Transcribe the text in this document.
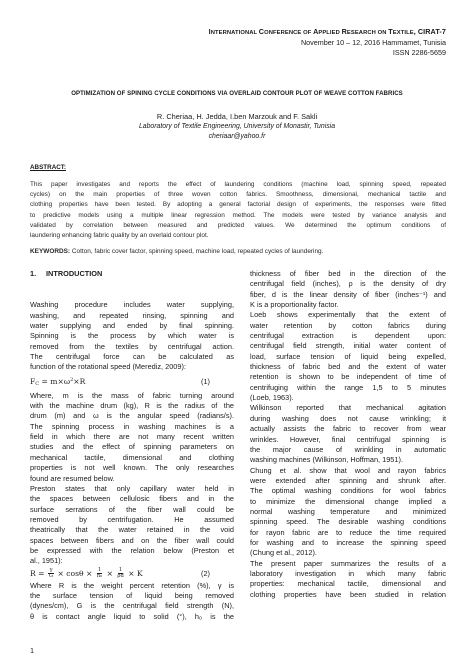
INTERNATIONAL CONFERENCE OF APPLIED RESEARCH ON TEXTILE, CIRAT-7
November 10 – 12, 2016 Hammamet, Tunisia
ISSN 2286-5659
OPTIMIZATION OF SPINING CYCLE CONDITIONS VIA OVERLAID CONTOUR PLOT OF WEAVE COTTON FABRICS
R. Cheriaa, H. Jedda, I.ben Marzouk and F. Sakli
Laboratory of Textile Engineering, University of Monastir, Tunisia
cheriaar@yahoo.fr
ABSTRACT:
This paper investigates and reports the effect of laundering conditions (machine load, spinning speed, repeated
cycles) on the main properties of three woven cotton fabrics. Smoothness, dimensional, mechanical tactile and
clothing properties have been tested. By adopting a general factorial design of experiments, the responses were fitted
to predictive models using a multiple linear regression method. The models were tested by variance analysis and
validated by correlation between measured and predicted values. We determined the optimum conditions of
laundering enhancing fabric quality by an overlaid contour plot.
KEYWORDS: Cotton, fabric cover factor, spinning speed, machine load, repeated cycles of laundering.
1. INTRODUCTION
Washing procedure includes water supplying,
washing, and repeated rinsing, spinning and
water supplying and ended by final spinning.
Spinning is the process by which water is
removed from the textiles by centrifugal action.
The centrifugal force can be calculated as
function of the rotational speed (Merediz, 2009):
$F_C = m\times\omega^2\times R$	(1)
Where, m is the mass of fabric turning around
with the machine drum (kg), R is the radius of the
drum (m) and ω is the angular speed (radians/s).
The spinning process in washing machines is a
field in which there are not many recent written
studies and the effect of spinning parameters on
mechanical tactile, dimensional and clothing
properties is not well known. The only researches
found are resumed below.
Preston states that only capillary water held in
the spaces between cellulosic fibers and in the
surface serrations of the fiber wall could be
removed by centrifugation. He assumed
theatrically that the water retained in the void
spaces between fibers and on the fiber wall could
be expressed with the relation below (Preston et
al., 1951):
$R = \frac{\gamma}{G} \times \cos\theta \times \frac{1}{\text{h₀}} \times \frac{1}{\rho d} \times K$	(2)
Where R is the weight percent retention (%), γ is
the surface tension of liquid being removed
(dynes/cm), G is the centrifugal field strength (N),
θ is contact angle liquid to solid (°), h₀ is the
thickness of fiber bed in the direction of the
centrifugal field (inches), ρ is the density of dry
fiber, d is the linear density of fiber (inches⁻¹) and
K is a proportionality factor.
Loeb shows experimentally that the extent of
water retention by cotton fabrics during
centrifugal extraction is dependent upon:
centrifugal field strength, initial water content of
load, surface tension of liquid being expelled,
thickness of fabric bed and the extent of water
retention is shown to be independent of time of
centrifuging within the range 1,5 to 5 minutes
(Loeb, 1963).
Wilkinson reported that mechanical agitation
during washing does not cause wrinkling; it
actually assists the fabric to recover from wear
wrinkles. However, final centrifugal spinning is
the major cause of wrinkling in automatic
washing machines (Wilkinson, Hoffman, 1951).
Chung et al. show that wool and rayon fabrics
were extended after spinning and shrunk after.
The optimal washing conditions for wool fabrics
to minimize the dimensional change implied a
normal washing temperature and minimized
spinning speed. The desirable washing conditions
for rayon fabric are to reduce the time required
for washing and to increase the spinning speed
(Chung et al., 2012).
The present paper summarizes the results of a
laboratory investigation in which many fabric
properties: mechanical tactile, dimensional and
clothing properties have been studied in relation
1
